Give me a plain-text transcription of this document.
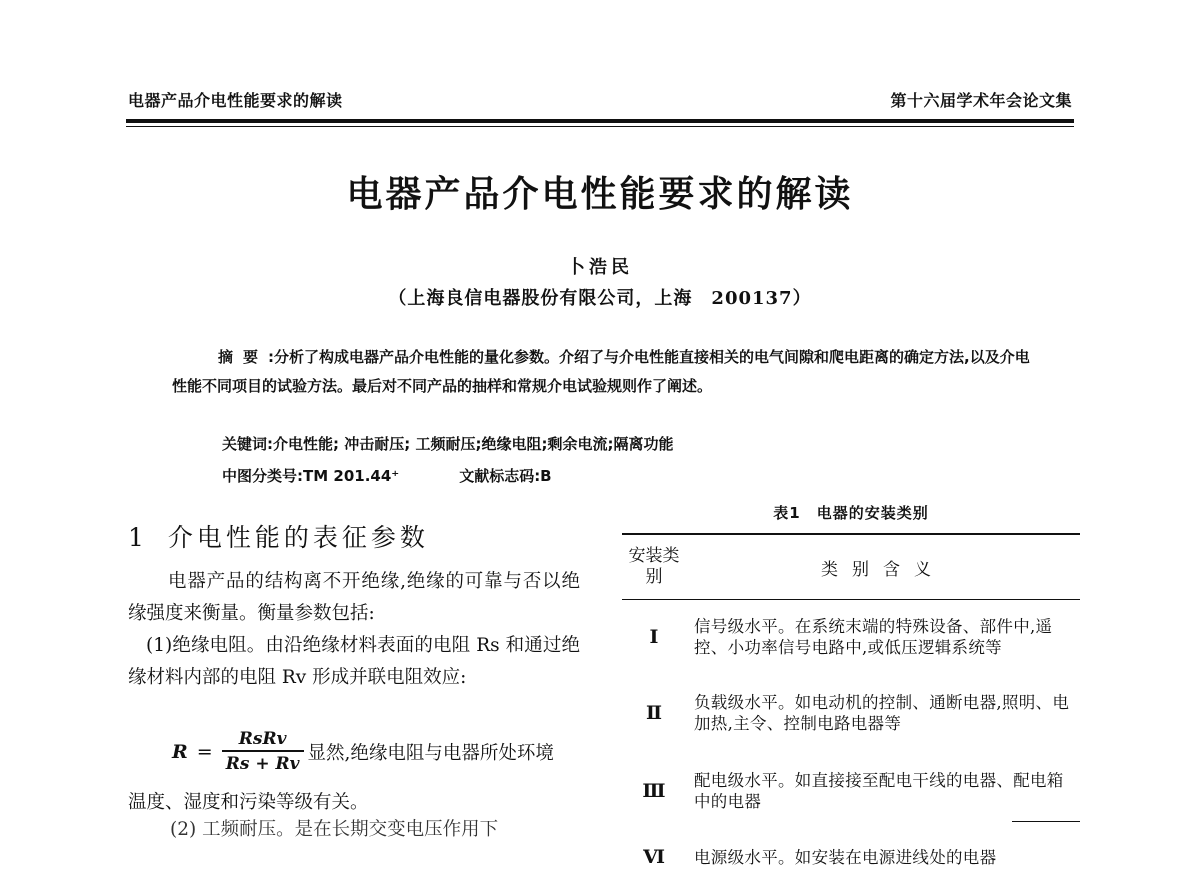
电器产品介电性能要求的解读	第十六届学术年会论文集
电器产品介电性能要求的解读
卜浩民
（上海良信电器股份有限公司，上海　200137）
摘要:分析了构成电器产品介电性能的量化参数。介绍了与介电性能直接相关的电气间隙和爬电距离的确定方法,以及介电性能不同项目的试验方法。最后对不同产品的抽样和常规介电试验规则作了阐述。
关键词:介电性能; 冲击耐压; 工频耐压;绝缘电阻;剩余电流;隔离功能
中图分类号:TM 201.44⁺	文献标志码:B
1 介电性能的表征参数
电器产品的结构离不开绝缘,绝缘的可靠与否以绝缘强度来衡量。衡量参数包括:
(1)绝缘电阻。由沿绝缘材料表面的电阻 Rs 和通过绝缘材料内部的电阻 Rv 形成并联电阻效应:
$R = \frac{\text{RsRv}}{Rs + Rv}$ 显然,绝缘电阻与电器所处环境
温度、湿度和污染等级有关。
(2) 工频耐压。是在长期交变电压作用下
表1　电器的安装类别
安装类别	类别含义
Ⅰ	信号级水平。在系统末端的特殊设备、部件中,遥控、小功率信号电路中,或低压逻辑系统等
Ⅱ	负载级水平。如电动机的控制、通断电器,照明、电加热,主令、控制电路电器等
Ⅲ	配电级水平。如直接接至配电干线的电器、配电箱中的电器
Ⅵ	电源级水平。如安装在电源进线处的电器
